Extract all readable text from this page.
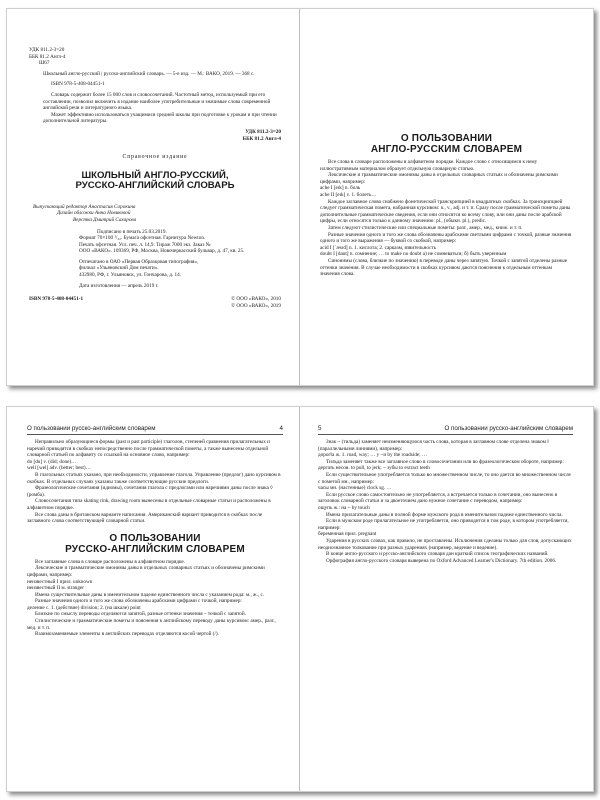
УДК 811.2-3=20

ББК 81.2 Англ-4

Ш67

Школьный англо-русский | русско-английский словарь. — 5-е изд. — М.: ВАКО, 2019. — 368 с.

ISBN 978-5-408-04451-1

Словарь содержит более 15 000 слов и словосочетаний. Частотный метод, используемый при его составлении, позволил включить в издание наиболее употребительные и значимые слова современной английской речи и литературного языка.

Может эффективно использоваться учащимися средней школы при подготовке к урокам и при чтении дополнительной литературы.

УДК 811.2-3=20

ББК 81.2 Англ-4

Справочное издание

ШКОЛЬНЫЙ АНГЛО-РУССКИЙ,

РУССКО-АНГЛИЙСКИЙ СЛОВАРЬ

Выпускающий редактор Анастасия Сорокина

Дизайн обложки Анна Новиковой

Верстка Дмитрий Сахарова

Подписано в печать 25.03.2019.

Формат 70×100 ¹/₃₂. Бумага офсетная. Гарнитура Newton.

Печать офсетная. Усл. печ. л. 14,9. Тираж 7000 экз. Заказ №

ООО «ВАКО». 109369, РФ, Москва, Новочеркасский бульвар, д. 47, кв. 25.

Отпечатано в ОАО «Первая Образцовая типография»,

филиал «Ульяновский Дом печати».

432980, РФ, г. Ульяновск, ул. Гончарова, д. 14.

Дата изготовления — апрель 2019 г.

ISBN 978-5-408-04451-1	© ООО «ВАКО», 2010

© ООО «ВАКО», 2019

О ПОЛЬЗОВАНИИ

АНГЛО-РУССКИМ СЛОВАРЕМ

Все слова в словаре расположены в алфавитном порядке. Каждое слово с относящимся к нему иллюстративным материалом образует отдельную словарную статью.

Лексические и грамматические омонимы даны в отдельных словарных статьях и обозначены римскими цифрами, например:

ache I [eɪk] n. боль

ache II [eɪk] v. 1. болеть…

Каждое заглавное слово снабжено фонетической транскрипцией в квадратных скобках. За транскрипцией следует грамматическая помета, набранная курсивом: n., v., adj. и т. п. Сразу после грамматической пометы даны дополнительные грамматические сведения, если они относятся ко всему слову, или они даны после арабской цифры, если относятся только к данному значению: pl., (обыкн. pl.), predic.

Затем следуют стилистические или специальные пометы: разг., амер., мед., книж. и т. п.

Разные значения одного и того же слова обозначены арабскими светлыми цифрами с точкой, разные значения одного и того же выражения — буквой со скобкой, например:

acid I [ˈæsɪd] n. 1. кислота; 2. сарказм, язвительность

doubt I [daut] n. сомнение; … to make no doubt a) не сомневаться; б) быть уверенным

Синонимы (слова, близкие по значению) в переводе даны через запятую. Точкой с запятой отделены разные оттенки значения. В случае необходимости в скобках курсивом даются пояснения к отдельным оттенкам значения слова.

О пользовании русско-английским словарем	4

Неправильно образующиеся формы (past и past participle) глаголов, степеней сравнения прилагательных и наречий приводятся в скобках непосредственно после грамматической пометы, а также вынесены отдельной словарной статьей по алфавиту со ссылкой на основное слово, например:

do [du] v. (did; done)…

well [wel] adv. (better; best)…

В глагольных статьях указано, при необходимости, управление глагола. Управление (предлог) дано курсивом в скобках. В отдельных случаях указаны также соответствующие русские предлоги.

Фразеологические сочетания (идиомы), сочетания глагола с предлогами или наречиями даны после знака ◊ (ромба).

Словосочетания типа skating rink, drawing room вынесены в отдельные словарные статьи и расположены в алфавитном порядке.

Все слова даны в британском варианте написания. Американский вариант приводится в скобках после заглавного слова соответствующей словарной статьи.

О ПОЛЬЗОВАНИИ

РУССКО-АНГЛИЙСКИМ СЛОВАРЕМ

Все заглавные слова в словаре расположены в алфавитном порядке.

Лексические и грамматические омонимы даны в отдельных словарных статьях и обозначены римскими цифрами, например:

неизвестный I прил. unknown

неизвестный II м. stranger

Имена существительные даны в именительном падеже единственного числа с указанием рода: м., ж., с.

Разные значения одного и того же слова обозначены арабскими цифрами с точкой, например:

деление с. 1. (действие) division; 2. (на шкале) point

Близкие по смыслу переводы отделяются запятой, разные оттенки значения – точкой с запятой.

Стилистические и грамматические пометы и пояснения к английскому переводу даны курсивом: амер., разг., мед. и т. п.

Взаимозаменяемые элементы в английских переводах отделяются косой чертой (/).

5	О пользовании русско-английским словарем

Знак ~ (тильда) заменяет неизменяющуюся часть слова, которая в заглавном слове отделена знаком ‖ (параллельными линиями), например:

дорог‖а ж. 1. road, way; … у ~и by the roadside; …

Тильда заменяет также все заглавное слово в словосочетании или во фразеологическом обороте, например:

дергать несов. to pull, to jerk; ~ зубы to extract teeth

Если существительное употребляется только во множественном числе, то оно дается во множественном числе с пометой мн., например:

часы мн. (настенные) clock sg. …

Если русское слово самостоятельно не употребляется, а встречается только в сочетании, оно вынесено в заголовок словарной статьи и за двоеточием дано нужное сочетание с переводом, например:

ощупь ж.: на ~ by touch

Имена прилагательные даны в полной форме мужского рода в именительном падеже единственного числа.

Если в мужском роде прилагательное не употребляется, оно приводится в том роде, в котором употребляется, например:

беременная прил. pregnant

Ударения в русских словах, как правило, не проставлены. Исключения сделаны только для слов, допускающих неоднозначное толкование при разных ударениях (например, ведение и ведение).

В конце англо-русского и русско-английского словаря дан краткий список географических названий.

Орфография англо-русского словаря выверена по Oxford Advanced Learner's Dictionary. 7th edition. 2006.
